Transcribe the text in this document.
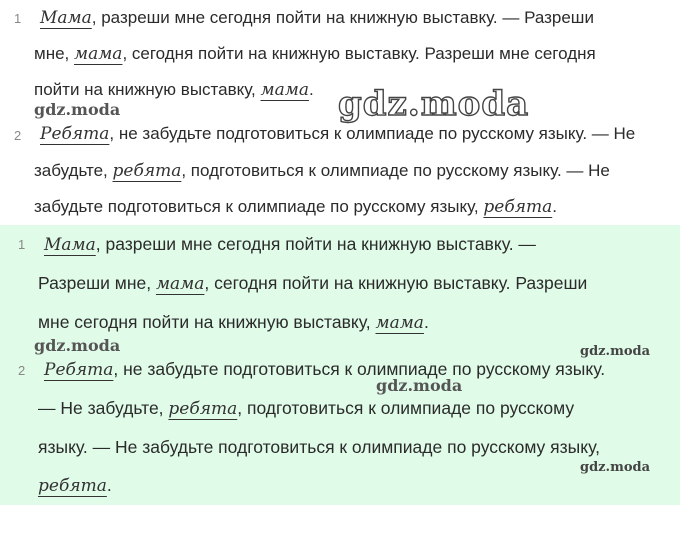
1 Мама, разреши мне сегодня пойти на книжную выставку. — Разреши
мне, мама, сегодня пойти на книжную выставку. Разреши мне сегодня
пойти на книжную выставку, мама.
2 Ребята, не забудьте подготовиться к олимпиаде по русскому языку. — Не
забудьте, ребята, подготовиться к олимпиаде по русскому языку. — Не
забудьте подготовиться к олимпиаде по русскому языку, ребята.
1 Мама, разреши мне сегодня пойти на книжную выставку. —
Разреши мне, мама, сегодня пойти на книжную выставку. Разреши
мне сегодня пойти на книжную выставку, мама.
2 Ребята, не забудьте подготовиться к олимпиаде по русскому языку.
— Не забудьте, ребята, подготовиться к олимпиаде по русскому
языку. — Не забудьте подготовиться к олимпиаде по русскому языку,
ребята.
gdz.moda	gdz.moda
gdz.moda	gdz.moda
gdz.moda
gdz.moda
